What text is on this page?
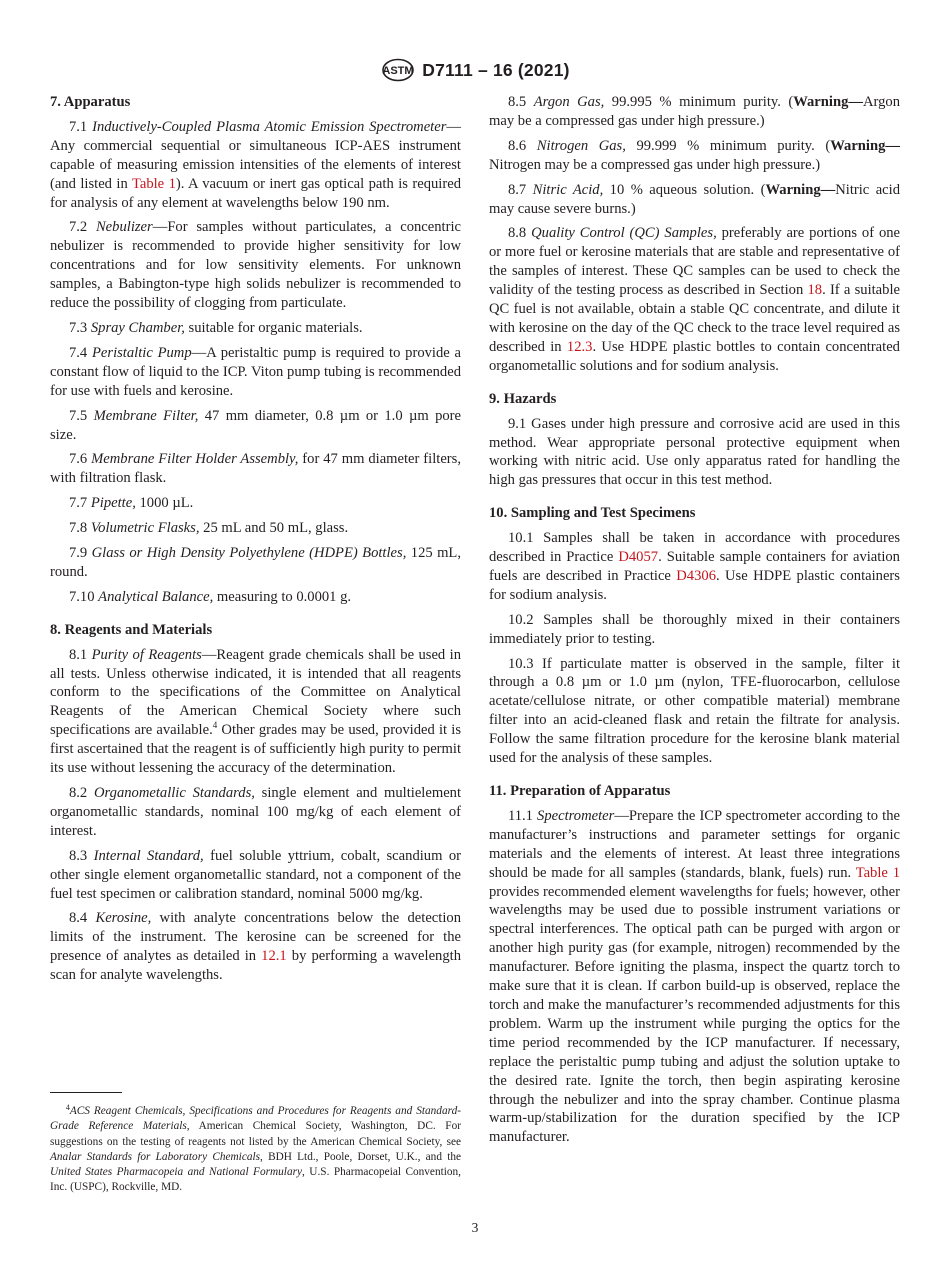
ASTM D7111 – 16 (2021)
7. Apparatus

7.1 Inductively-Coupled Plasma Atomic Emission Spectrometer—Any commercial sequential or simultaneous ICP-AES instrument capable of measuring emission intensities of the elements of interest (and listed in Table 1). A vacuum or inert gas optical path is required for analysis of any element at wavelengths below 190 nm.

7.2 Nebulizer—For samples without particulates, a concentric nebulizer is recommended to provide higher sensitivity for low concentrations and for low sensitivity elements. For unknown samples, a Babington-type high solids nebulizer is recommended to reduce the possibility of clogging from particulate.

7.3 Spray Chamber, suitable for organic materials.

7.4 Peristaltic Pump—A peristaltic pump is required to provide a constant flow of liquid to the ICP. Viton pump tubing is recommended for use with fuels and kerosine.

7.5 Membrane Filter, 47 mm diameter, 0.8 µm or 1.0 µm pore size.

7.6 Membrane Filter Holder Assembly, for 47 mm diameter filters, with filtration flask.

7.7 Pipette, 1000 µL.

7.8 Volumetric Flasks, 25 mL and 50 mL, glass.

7.9 Glass or High Density Polyethylene (HDPE) Bottles, 125 mL, round.

7.10 Analytical Balance, measuring to 0.0001 g.

8. Reagents and Materials

8.1 Purity of Reagents—Reagent grade chemicals shall be used in all tests. Unless otherwise indicated, it is intended that all reagents conform to the specifications of the Committee on Analytical Reagents of the American Chemical Society where such specifications are available.$^4$ Other grades may be used, provided it is first ascertained that the reagent is of sufficiently high purity to permit its use without lessening the accuracy of the determination.

8.2 Organometallic Standards, single element and multielement organometallic standards, nominal 100 mg/kg of each element of interest.

8.3 Internal Standard, fuel soluble yttrium, cobalt, scandium or other single element organometallic standard, not a component of the fuel test specimen or calibration standard, nominal 5000 mg/kg.

8.4 Kerosine, with analyte concentrations below the detection limits of the instrument. The kerosine can be screened for the presence of analytes as detailed in 12.1 by performing a wavelength scan for analyte wavelengths.

$^4$ACS Reagent Chemicals, Specifications and Procedures for Reagents and Standard-Grade Reference Materials, American Chemical Society, Washington, DC. For suggestions on the testing of reagents not listed by the American Chemical Society, see Analar Standards for Laboratory Chemicals, BDH Ltd., Poole, Dorset, U.K., and the United States Pharmacopeia and National Formulary, U.S. Pharmacopeial Convention, Inc. (USPC), Rockville, MD.

8.5 Argon Gas, 99.995 % minimum purity. (Warning—Argon may be a compressed gas under high pressure.)

8.6 Nitrogen Gas, 99.999 % minimum purity. (Warning—Nitrogen may be a compressed gas under high pressure.)

8.7 Nitric Acid, 10 % aqueous solution. (Warning—Nitric acid may cause severe burns.)

8.8 Quality Control (QC) Samples, preferably are portions of one or more fuel or kerosine materials that are stable and representative of the samples of interest. These QC samples can be used to check the validity of the testing process as described in Section 18. If a suitable QC fuel is not available, obtain a stable QC concentrate, and dilute it with kerosine on the day of the QC check to the trace level required as described in 12.3. Use HDPE plastic bottles to contain concentrated organometallic solutions and for sodium analysis.

9. Hazards

9.1 Gases under high pressure and corrosive acid are used in this method. Wear appropriate personal protective equipment when working with nitric acid. Use only apparatus rated for handling the high gas pressures that occur in this test method.

10. Sampling and Test Specimens

10.1 Samples shall be taken in accordance with procedures described in Practice D4057. Suitable sample containers for aviation fuels are described in Practice D4306. Use HDPE plastic containers for sodium analysis.

10.2 Samples shall be thoroughly mixed in their containers immediately prior to testing.

10.3 If particulate matter is observed in the sample, filter it through a 0.8 µm or 1.0 µm (nylon, TFE-fluorocarbon, cellulose acetate/cellulose nitrate, or other compatible material) membrane filter into an acid-cleaned flask and retain the filtrate for analysis. Follow the same filtration procedure for the kerosine blank material used for the analysis of these samples.

11. Preparation of Apparatus

11.1 Spectrometer—Prepare the ICP spectrometer according to the manufacturer’s instructions and parameter settings for organic materials and the elements of interest. At least three integrations should be made for all samples (standards, blank, fuels) run. Table 1 provides recommended element wavelengths for fuels; however, other wavelengths may be used due to possible instrument variations or spectral interferences. The optical path can be purged with argon or another high purity gas (for example, nitrogen) recommended by the manufacturer. Before igniting the plasma, inspect the quartz torch to make sure that it is clean. If carbon build-up is observed, replace the torch and make the manufacturer’s recommended adjustments for this problem. Warm up the instrument while purging the optics for the time period recommended by the ICP manufacturer. If necessary, replace the peristaltic pump tubing and adjust the solution uptake to the desired rate. Ignite the torch, then begin aspirating kerosine through the nebulizer and into the spray chamber. Continue plasma warm-up/stabilization for the duration specified by the ICP manufacturer.

3
